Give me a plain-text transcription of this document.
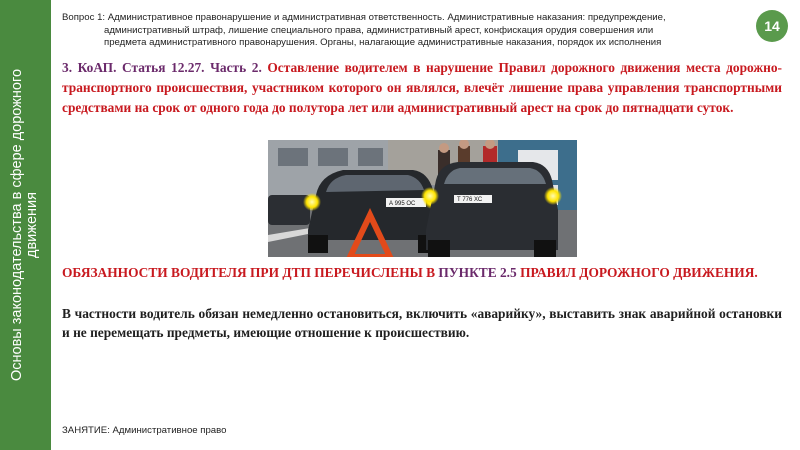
Основы законодательства в сфере дорожного движения
Вопрос 1: Административное правонарушение и административная ответственность. Административные наказания: предупреждение,
административный штраф, лишение специального права, административный арест, конфискация орудия совершения или
предмета административного правонарушения. Органы, налагающие административные наказания, порядок их исполнения
14
3. КоАП. Статья 12.27. Часть 2. Оставление водителем в нарушение Правил дорожного движения места дорожно-транспортного происшествия, участником которого он являлся, влечёт лишение права управления транспортными средствами на срок от одного года до полутора лет или административный арест на срок до пятнадцати суток.
А 995 ОС
Т 776 ХС
ОБЯЗАННОСТИ ВОДИТЕЛЯ ПРИ ДТП ПЕРЕЧИСЛЕНЫ В ПУНКТЕ 2.5 ПРАВИЛ ДОРОЖНОГО ДВИЖЕНИЯ.
В частности водитель обязан немедленно остановиться, включить «аварийку», выставить знак аварийной остановки и не перемещать предметы, имеющие отношение к происшествию.
ЗАНЯТИЕ: Административное право
